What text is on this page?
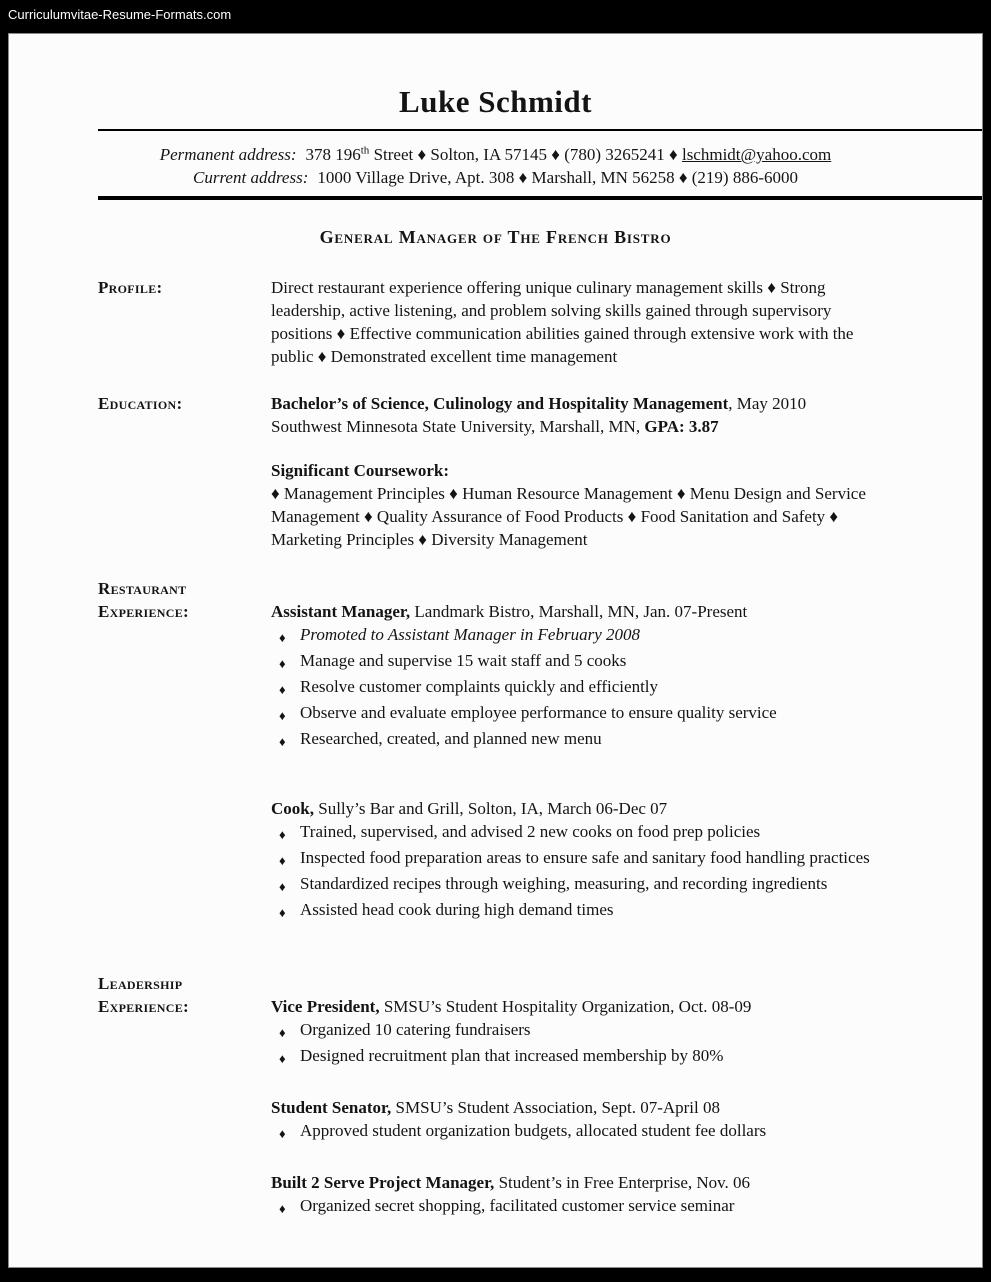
Curriculumvitae-Resume-Formats.com
Luke Schmidt

Permanent address: 378 196th Street ♦ Solton, IA 57145 ♦ (780) 3265241 ♦ lschmidt@yahoo.com

Current address: 1000 Village Drive, Apt. 308 ♦ Marshall, MN 56258 ♦ (219) 886-6000

General Manager of The French Bistro
Profile:	Direct restaurant experience offering unique culinary management skills ♦ Strong leadership, active listening, and problem solving skills gained through supervisory positions ♦ Effective communication abilities gained through extensive work with the public ♦ Demonstrated excellent time management

Education:	Bachelor’s of Science, Culinology and Hospitality Management, May 2010

Southwest Minnesota State University, Marshall, MN, GPA: 3.87

Significant Coursework:

♦ Management Principles ♦ Human Resource Management ♦ Menu Design and Service Management ♦ Quality Assurance of Food Products ♦ Food Sanitation and Safety ♦ Marketing Principles ♦ Diversity Management

Restaurant
Experience:	Assistant Manager, Landmark Bistro, Marshall, MN, Jan. 07-Present

♦ Promoted to Assistant Manager in February 2008
♦ Manage and supervise 15 wait staff and 5 cooks
♦ Resolve customer complaints quickly and efficiently
♦ Observe and evaluate employee performance to ensure quality service
♦ Researched, created, and planned new menu

Cook, Sully’s Bar and Grill, Solton, IA, March 06-Dec 07

♦ Trained, supervised, and advised 2 new cooks on food prep policies
♦ Inspected food preparation areas to ensure safe and sanitary food handling practices
♦ Standardized recipes through weighing, measuring, and recording ingredients
♦ Assisted head cook during high demand times
Leadership
Experience:	Vice President, SMSU’s Student Hospitality Organization, Oct. 08-09

♦ Organized 10 catering fundraisers
♦ Designed recruitment plan that increased membership by 80%

Student Senator, SMSU’s Student Association, Sept. 07-April 08

♦ Approved student organization budgets, allocated student fee dollars

Built 2 Serve Project Manager, Student’s in Free Enterprise, Nov. 06

♦ Organized secret shopping, facilitated customer service seminar
